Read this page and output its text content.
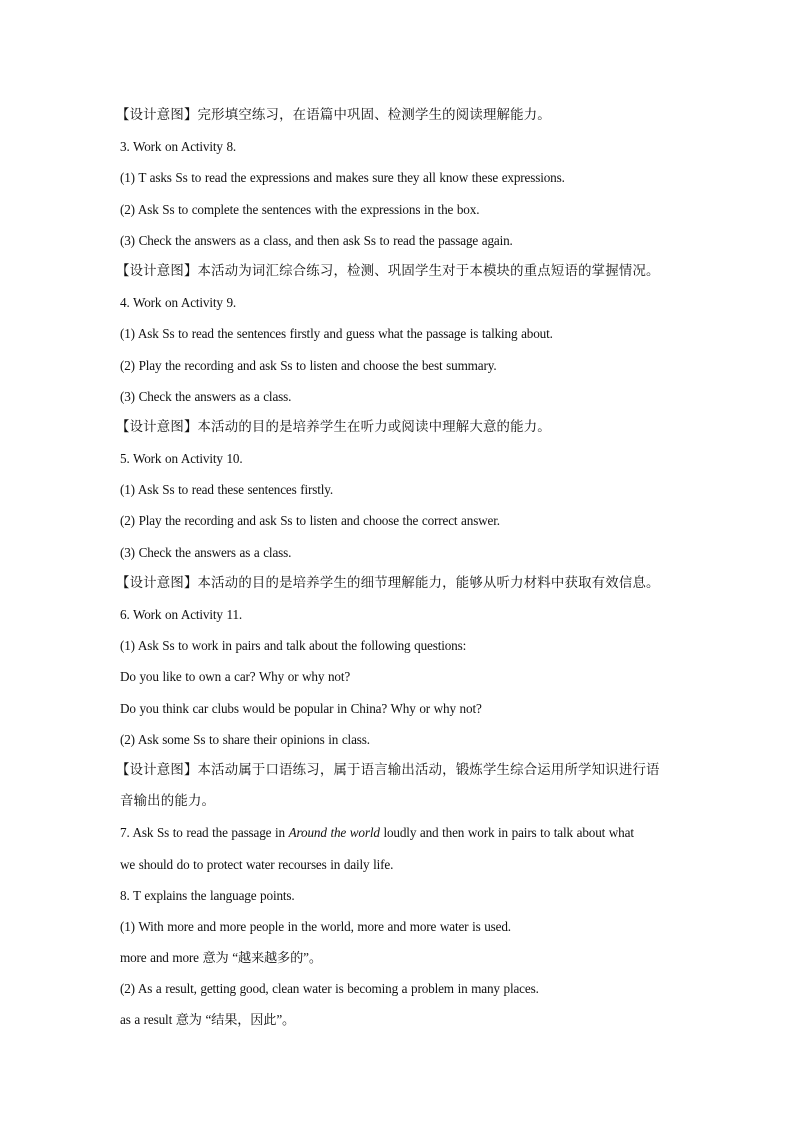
【设计意图】完形填空练习，在语篇中巩固、检测学生的阅读理解能力。
3. Work on Activity 8.
(1) T asks Ss to read the expressions and makes sure they all know these expressions.
(2) Ask Ss to complete the sentences with the expressions in the box.
(3) Check the answers as a class, and then ask Ss to read the passage again.
【设计意图】本活动为词汇综合练习，检测、巩固学生对于本模块的重点短语的掌握情况。
4. Work on Activity 9.
(1) Ask Ss to read the sentences firstly and guess what the passage is talking about.
(2) Play the recording and ask Ss to listen and choose the best summary.
(3) Check the answers as a class.
【设计意图】本活动的目的是培养学生在听力或阅读中理解大意的能力。
5. Work on Activity 10.
(1) Ask Ss to read these sentences firstly.
(2) Play the recording and ask Ss to listen and choose the correct answer.
(3) Check the answers as a class.
【设计意图】本活动的目的是培养学生的细节理解能力，能够从听力材料中获取有效信息。
6. Work on Activity 11.
(1) Ask Ss to work in pairs and talk about the following questions:
Do you like to own a car? Why or why not?
Do you think car clubs would be popular in China? Why or why not?
(2) Ask some Ss to share their opinions in class.
【设计意图】本活动属于口语练习，属于语言输出活动，锻炼学生综合运用所学知识进行语
音输出的能力。
7. Ask Ss to read the passage in Around the world loudly and then work in pairs to talk about what
we should do to protect water recourses in daily life.
8. T explains the language points.
(1) With more and more people in the world, more and more water is used.
more and more 意为 “越来越多的”。
(2) As a result, getting good, clean water is becoming a problem in many places.
as a result 意为 “结果，因此”。
